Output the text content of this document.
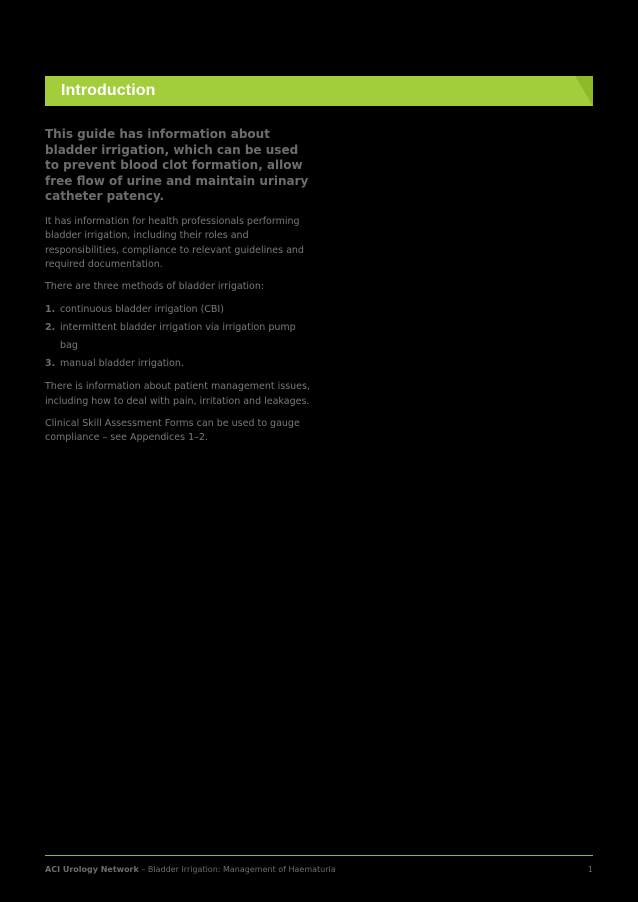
Introduction

This guide has information about bladder irrigation, which can be used to prevent blood clot formation, allow free flow of urine and maintain urinary catheter patency.

It has information for health professionals performing bladder irrigation, including their roles and responsibilities, compliance to relevant guidelines and required documentation.

There are three methods of bladder irrigation:

1. continuous bladder irrigation (CBI)
2. intermittent bladder irrigation via irrigation pump bag
3. manual bladder irrigation.

There is information about patient management issues, including how to deal with pain, irritation and leakages.

Clinical Skill Assessment Forms can be used to gauge compliance – see Appendices 1–2.

ACI Urology Network – Bladder Irrigation: Management of Haematuria	1
